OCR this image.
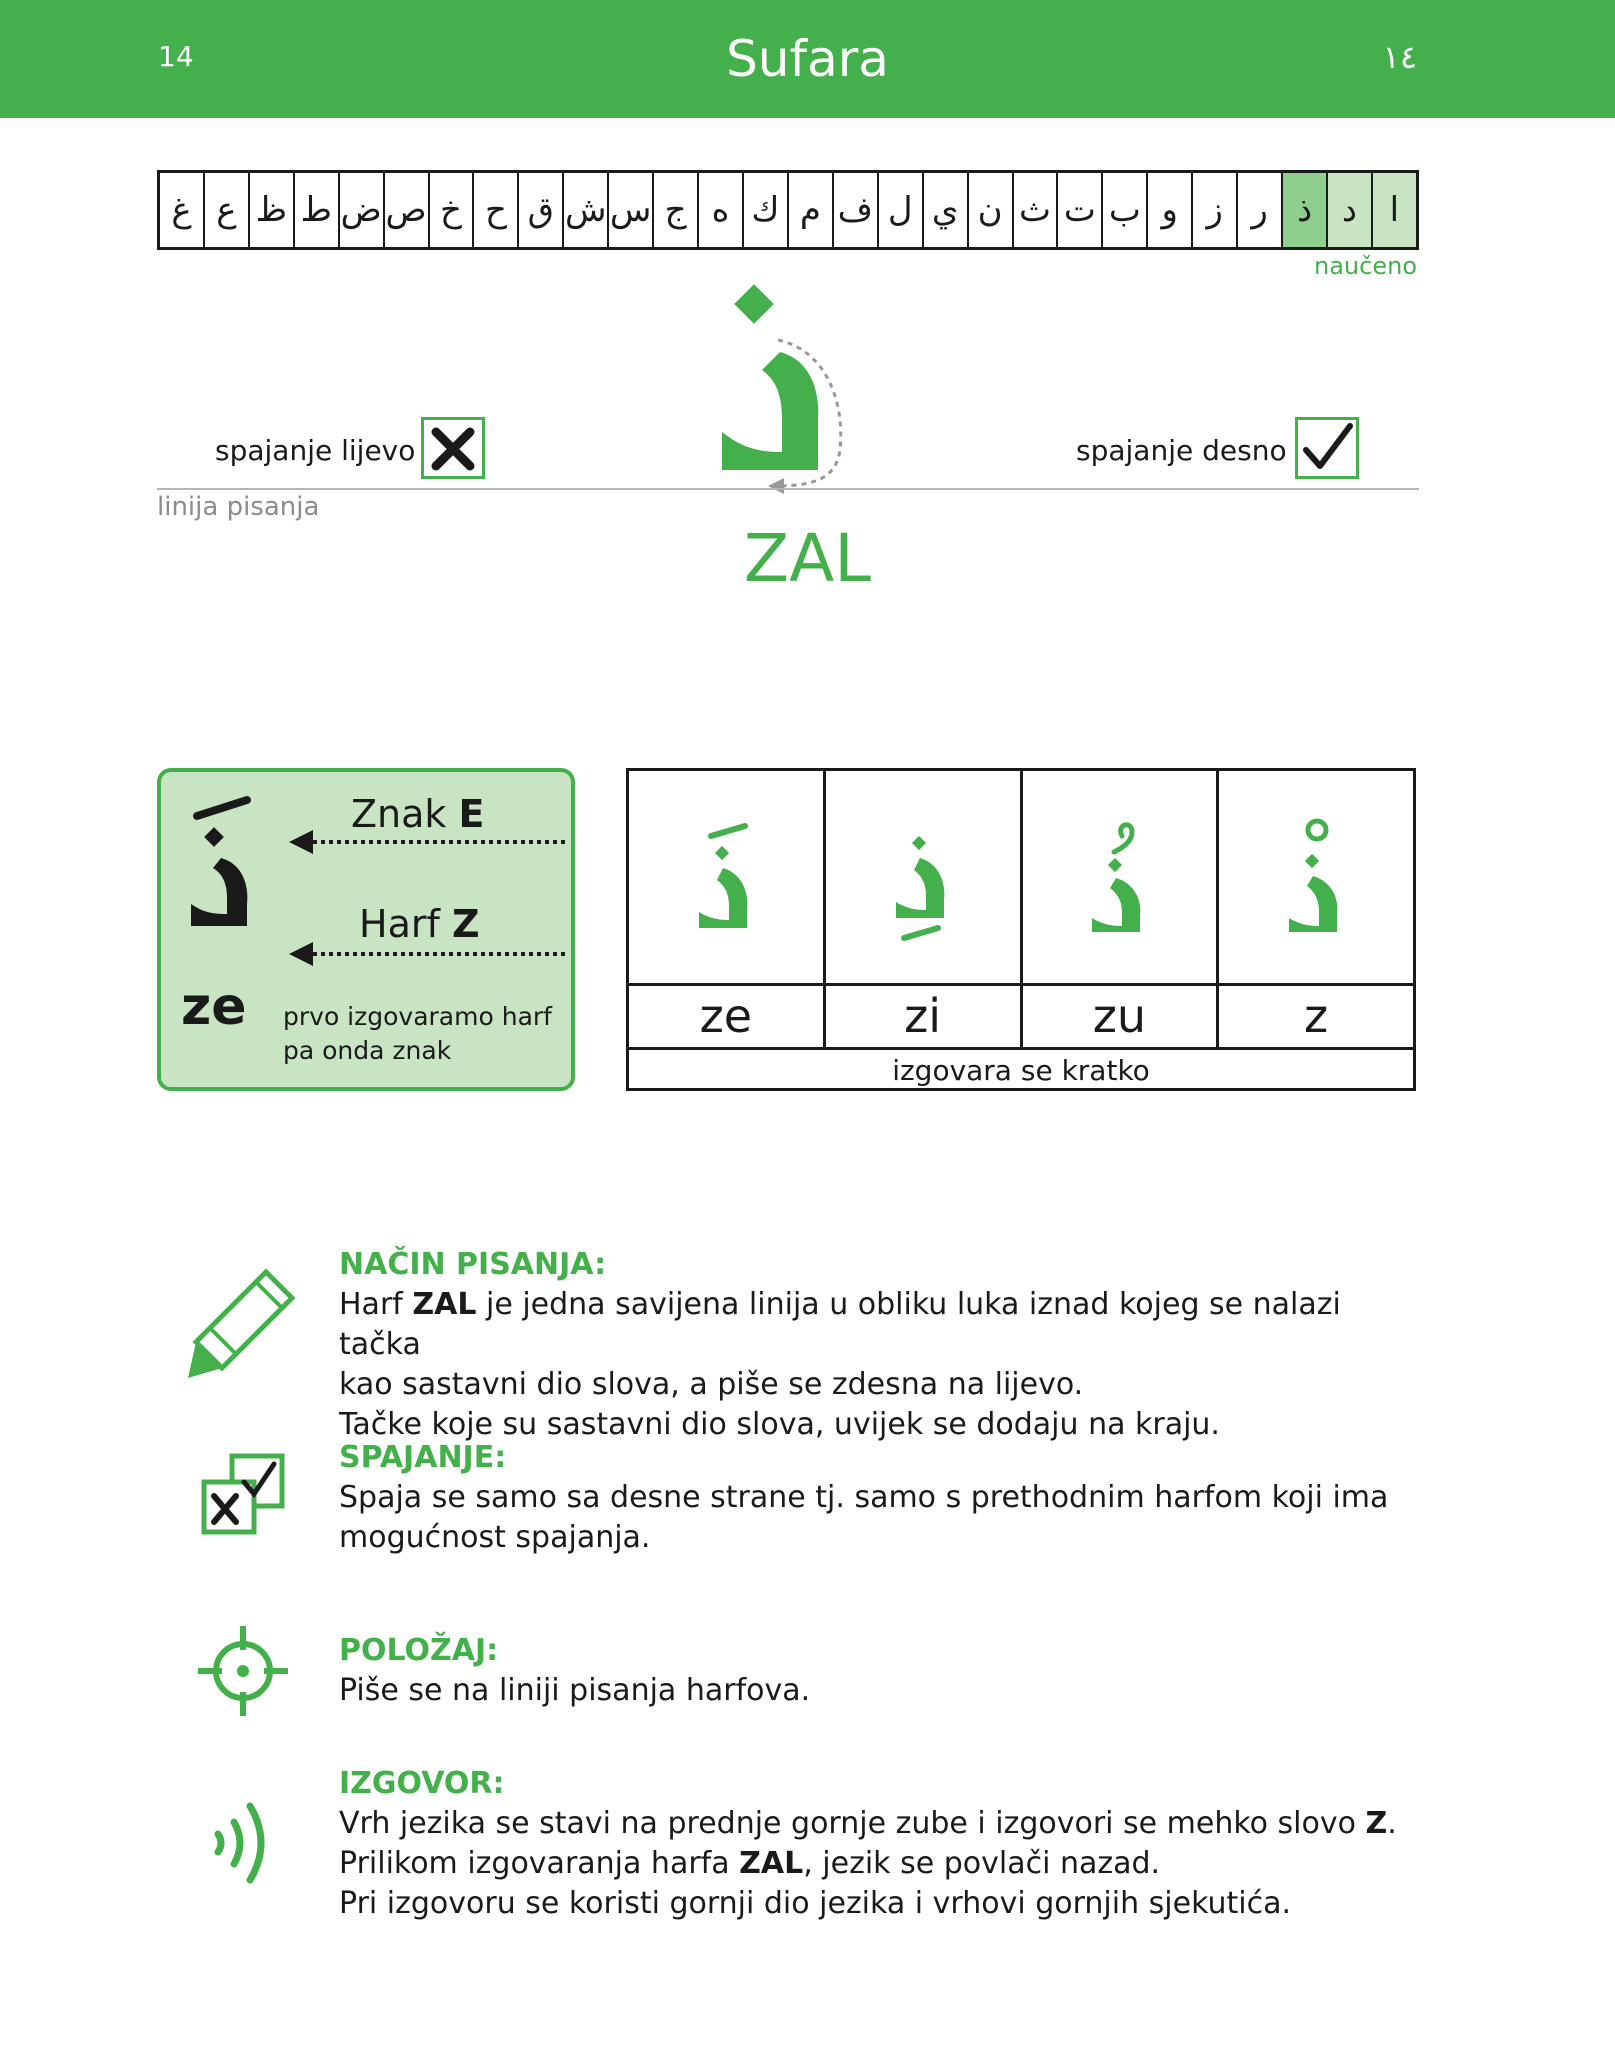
14	Sufara	١٤
غ ع ظ ط ض ص خ ح ق ش س ج ه ك م ف ل ي ن ث ت ب و ز ر ذ د ا
naučeno
spajanje lijevo	spajanje desno
linija pisanja
ZAL
Znak E
Harf Z
ze prvo izgovaramo harf
pa onda znak
ze	zi	zu	z
izgovara se kratko
NAČIN PISANJA:

Harf ZAL je jedna savijena linija u obliku luka iznad kojeg se nalazi tačka

kao sastavni dio slova, a piše se zdesna na lijevo.

Tačke koje su sastavni dio slova, uvijek se dodaju na kraju.

SPAJANJE:

Spaja se samo sa desne strane tj. samo s prethodnim harfom koji ima

mogućnost spajanja.

POLOŽAJ:

Piše se na liniji pisanja harfova.

IZGOVOR:

Vrh jezika se stavi na prednje gornje zube i izgovori se mehko slovo Z.

Prilikom izgovaranja harfa ZAL, jezik se povlači nazad.

Pri izgovoru se koristi gornji dio jezika i vrhovi gornjih sjekutića.
